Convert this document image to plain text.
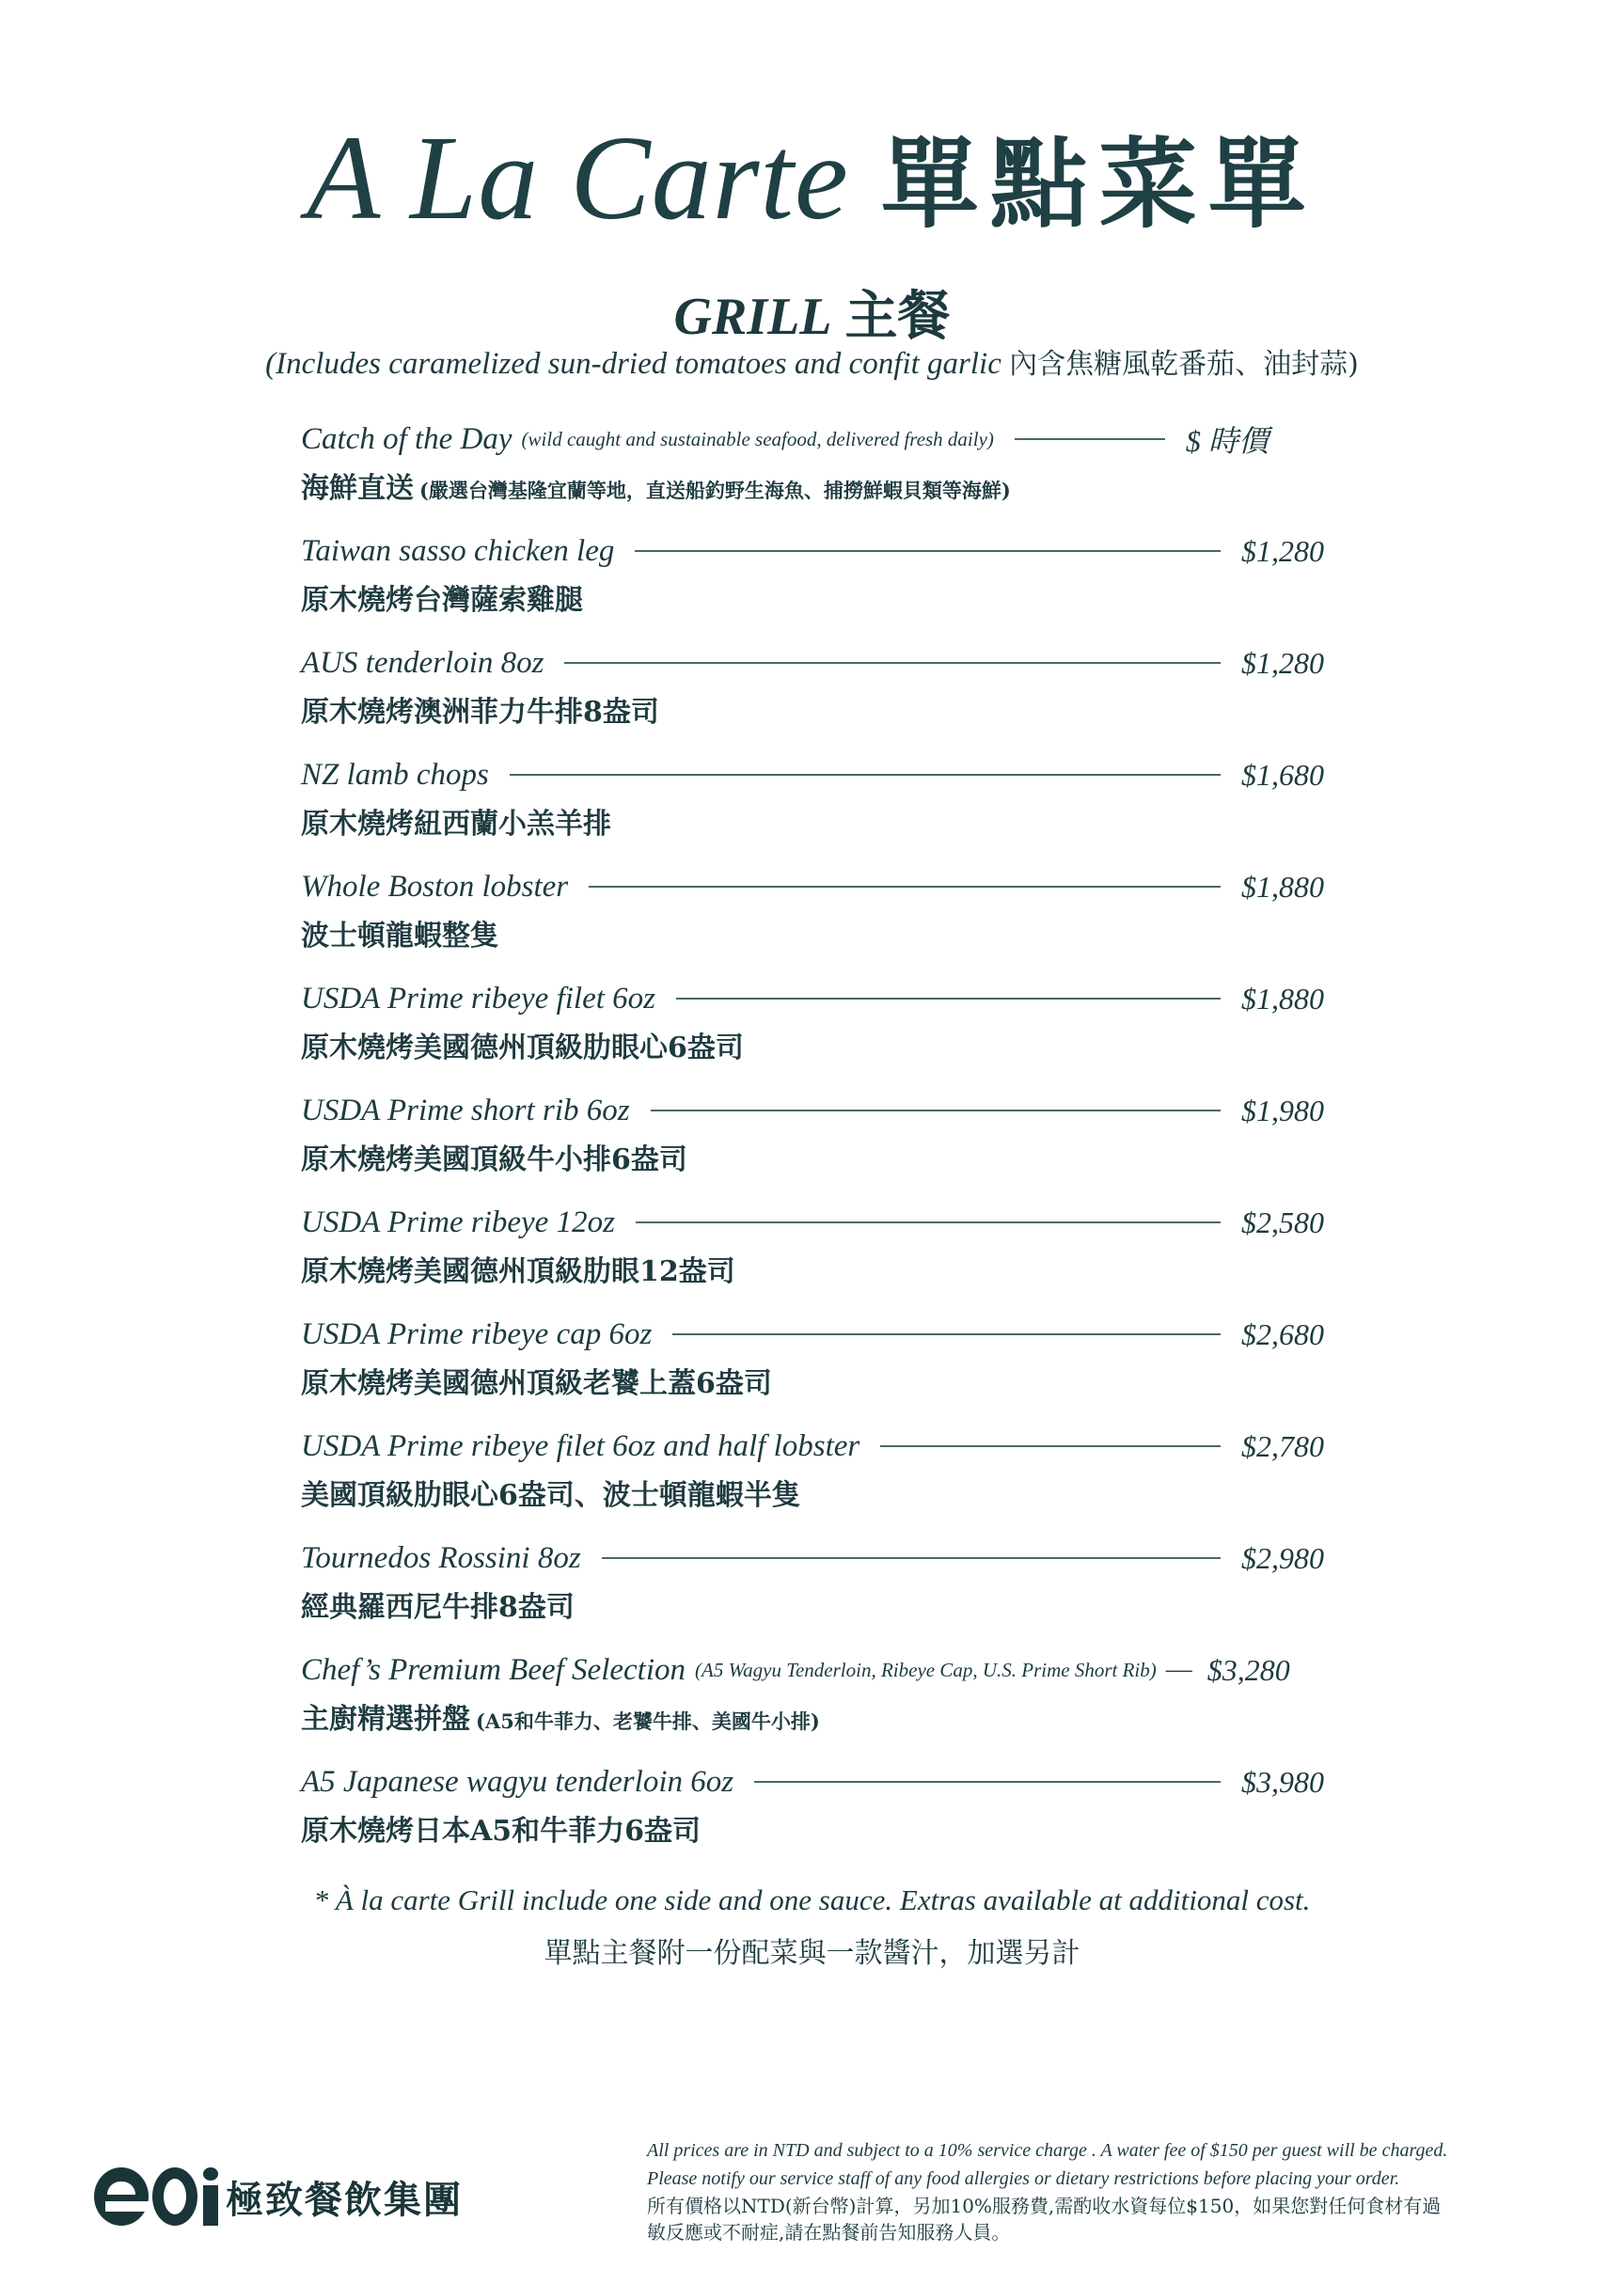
A La Carte 單點菜單
GRILL 主餐
(Includes caramelized sun-dried tomatoes and confit garlic 內含焦糖風乾番茄、油封蒜)
Catch of the Day (wild caught and sustainable seafood, delivered fresh daily)	$ 時價
海鮮直送 (嚴選台灣基隆宜蘭等地，直送船釣野生海魚、捕撈鮮蝦貝類等海鮮)
Taiwan sasso chicken leg	$1,280
原木燒烤台灣薩索雞腿
AUS tenderloin 8oz	$1,280
原木燒烤澳洲菲力牛排8盎司
NZ lamb chops	$1,680
原木燒烤紐西蘭小羔羊排
Whole Boston lobster	$1,880
波士頓龍蝦整隻
USDA Prime ribeye filet 6oz	$1,880
原木燒烤美國德州頂級肋眼心6盎司
USDA Prime short rib 6oz	$1,980
原木燒烤美國頂級牛小排6盎司
USDA Prime ribeye 12oz	$2,580
原木燒烤美國德州頂級肋眼12盎司
USDA Prime ribeye cap 6oz	$2,680
原木燒烤美國德州頂級老饕上蓋6盎司
USDA Prime ribeye filet 6oz and half lobster	$2,780
美國頂級肋眼心6盎司、波士頓龍蝦半隻
Tournedos Rossini 8oz	$2,980
經典羅西尼牛排8盎司
Chef’s Premium Beef Selection (A5 Wagyu Tenderloin, Ribeye Cap, U.S. Prime Short Rib) — $3,280
主廚精選拼盤 (A5和牛菲力、老饕牛排、美國牛小排)
A5 Japanese wagyu tenderloin 6oz	$3,980
原木燒烤日本A5和牛菲力6盎司
* À la carte Grill include one side and one sauce. Extras available at additional cost.
單點主餐附一份配菜與一款醬汁，加選另計
極致餐飲集團
All prices are in NTD and subject to a 10% service charge . A water fee of $150 per guest will be charged.
Please notify our service staff of any food allergies or dietary restrictions before placing your order.
所有價格以NTD(新台幣)計算，另加10%服務費,需酌收水資每位$150，如果您對任何食材有過
敏反應或不耐症,請在點餐前告知服務人員。
